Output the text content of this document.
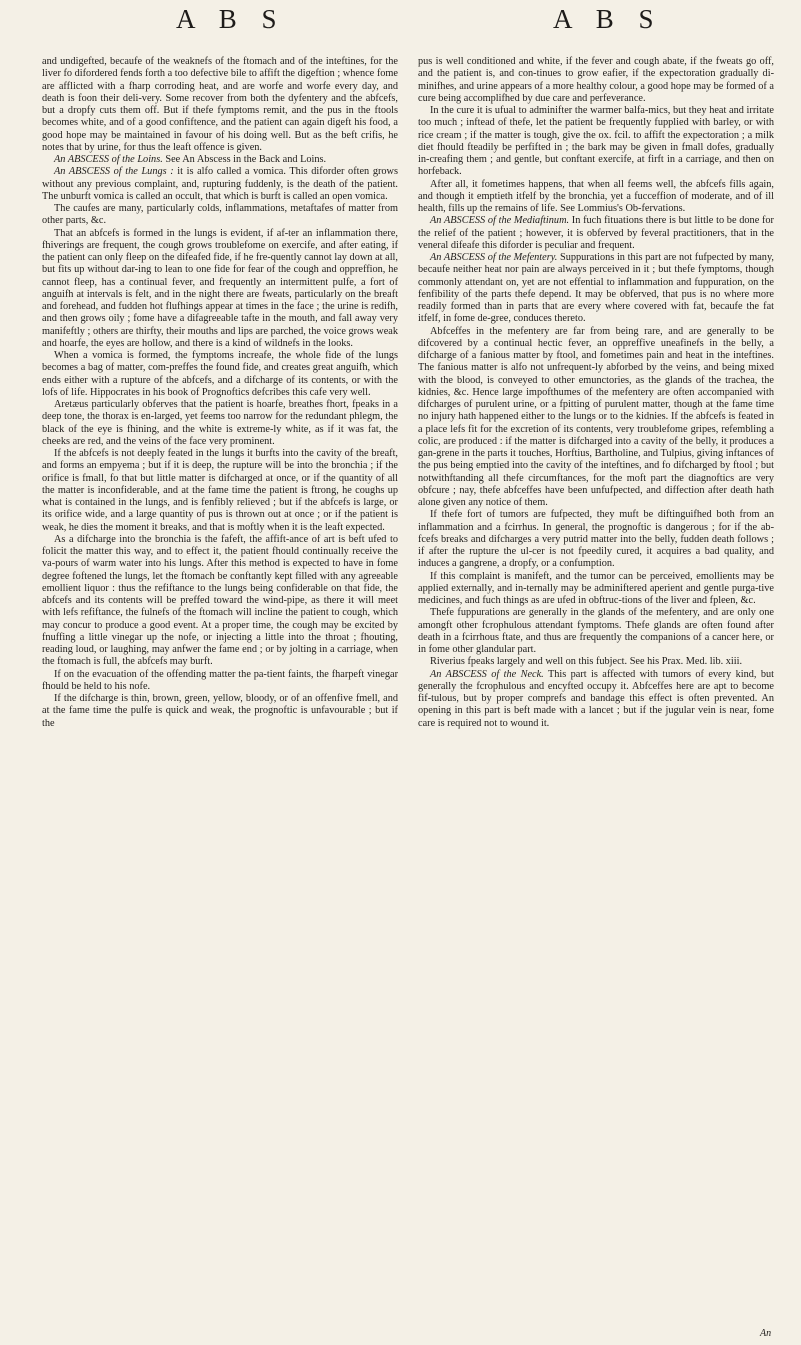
A B S	A B S

and undigefted, becaufe of the weaknefs of the ftomach and of the inteftines, for the liver fo difordered fends forth a too defective bile to affift the digeftion ; whence fome are afflicted with a fharp corroding heat, and are worfe and worfe every day, and death is foon their deli-very. Some recover from both the dyfentery and the abfcefs, but a dropfy cuts them off. But if thefe fymptoms remit, and the pus in the ftools becomes white, and of a good confiftence, and the patient can again digeft his food, a good hope may be maintained in favour of his doing well. But as the beft crifis, he notes that by urine, for thus the leaft offence is given.

An ABSCESS of the Loins. See An Abscess in the Back and Loins.

An ABSCESS of the Lungs : it is alfo called a vomica. This diforder often grows without any previous complaint, and, rupturing fuddenly, is the death of the patient. The unburft vomica is called an occult, that which is burft is called an open vomica.

The caufes are many, particularly colds, inflammations, metaftafes of matter from other parts, &c.

That an abfcefs is formed in the lungs is evident, if af-ter an inflammation there, fhiverings are frequent, the cough grows troublefome on exercife, and after eating, if the patient can only fleep on the difeafed fide, if he fre-quently cannot lay down at all, but fits up without dar-ing to lean to one fide for fear of the cough and oppreffion, he cannot fleep, has a continual fever, and frequently an intermittent pulfe, a fort of anguifh at intervals is felt, and in the night there are fweats, particularly on the breaft and forehead, and fudden hot flufhings appear at times in the face ; the urine is redifh, and then grows oily ; fome have a difagreeable tafte in the mouth, and fall away very manifeftly ; others are thirfty, their mouths and lips are parched, the voice grows weak and hoarfe, the eyes are hollow, and there is a kind of wildnefs in the looks.

When a vomica is formed, the fymptoms increafe, the whole fide of the lungs becomes a bag of matter, com-preffes the found fide, and creates great anguifh, which ends either with a rupture of the abfcefs, and a difcharge of its contents, or with the lofs of life. Hippocrates in his book of Prognoftics defcribes this cafe very well.

Aretæus particularly obferves that the patient is hoarfe, breathes fhort, fpeaks in a deep tone, the thorax is en-larged, yet feems too narrow for the redundant phlegm, the black of the eye is fhining, and the white is extreme-ly white, as if it was fat, the cheeks are red, and the veins of the face very prominent.

If the abfcefs is not deeply feated in the lungs it burfts into the cavity of the breaft, and forms an empyema ; but if it is deep, the rupture will be into the bronchia ; if the orifice is fmall, fo that but little matter is difcharged at once, or if the quantity of all the matter is inconfiderable, and at the fame time the patient is ftrong, he coughs up what is contained in the lungs, and is fenfibly relieved ; but if the abfcefs is large, or its orifice wide, and a large quantity of pus is thrown out at once ; or if the patient is weak, he dies the moment it breaks, and that is moftly when it is the leaft expected.

As a difcharge into the bronchia is the fafeft, the affift-ance of art is beft ufed to folicit the matter this way, and to effect it, the patient fhould continually receive the va-pours of warm water into his lungs. After this method is expected to have in fome degree foftened the lungs, let the ftomach be conftantly kept filled with any agreeable emollient liquor : thus the refiftance to the lungs being confiderable on that fide, the abfcefs and its contents will be preffed toward the wind-pipe, as there it will meet with lefs refiftance, the fulnefs of the ftomach will incline the patient to cough, which may concur to produce a good event. At a proper time, the cough may be excited by fnuffing a little vinegar up the nofe, or injecting a little into the throat ; fhouting, reading loud, or laughing, may anfwer the fame end ; or by jolting in a carriage, when the ftomach is full, the abfcefs may burft.

If on the evacuation of the offending matter the pa-tient faints, the fharpeft vinegar fhould be held to his nofe.

If the difcharge is thin, brown, green, yellow, bloody, or of an offenfive fmell, and at the fame time the pulfe is quick and weak, the prognoftic is unfavourable ; but if the

pus is well conditioned and white, if the fever and cough abate, if the fweats go off, and the patient is, and con-tinues to grow eafier, if the expectoration gradually di-minifhes, and urine appears of a more healthy colour, a good hope may be formed of a cure being accomplifhed by due care and perfeverance.

In the cure it is ufual to adminifter the warmer balfa-mics, but they heat and irritate too much ; inftead of thefe, let the patient be frequently fupplied with barley, or with rice cream ; if the matter is tough, give the ox. fcil. to affift the expectoration ; a milk diet fhould fteadily be perfifted in ; the bark may be given in fmall dofes, gradually in-creafing them ; and gentle, but conftant exercife, at firft in a carriage, and then on horfeback.

After all, it fometimes happens, that when all feems well, the abfcefs fills again, and though it emptieth itfelf by the bronchia, yet a fucceffion of moderate, and of ill health, fills up the remains of life. See Lommius's Ob-fervations.

An ABSCESS of the Mediaftinum. In fuch fituations there is but little to be done for the relief of the patient ; however, it is obferved by feveral practitioners, that in the veneral difeafe this diforder is peculiar and frequent.

An ABSCESS of the Mefentery. Suppurations in this part are not fufpected by many, becaufe neither heat nor pain are always perceived in it ; but thefe fymptoms, though commonly attendant on, yet are not effential to inflammation and fuppuration, on the fenfibility of the parts thefe depend. It may be obferved, that pus is no where more readily formed than in parts that are every where covered with fat, becaufe the fat itfelf, in fome de-gree, conduces thereto.

Abfceffes in the mefentery are far from being rare, and are generally to be difcovered by a continual hectic fever, an oppreffive uneafinefs in the belly, a difcharge of a fanious matter by ftool, and fometimes pain and heat in the inteftines. The fanious matter is alfo not unfrequent-ly abforbed by the veins, and being mixed with the blood, is conveyed to other emunctories, as the glands of the trachea, the kidnies, &c. Hence large impofthumes of the mefentery are often accompanied with difcharges of purulent urine, or a fpitting of purulent matter, though at the fame time no injury hath happened either to the lungs or to the kidnies. If the abfcefs is feated in a place lefs fit for the excretion of its contents, very troublefome gripes, refembling a colic, are produced : if the matter is difcharged into a cavity of the belly, it produces a gan-grene in the parts it touches, Horftius, Bartholine, and Tulpius, giving inftances of the pus being emptied into the cavity of the inteftines, and fo difcharged by ftool ; but notwithftanding all thefe circumftances, for the moft part the diagnoftics are very obfcure ; nay, thefe abfceffes have been unfufpected, and diffection after death hath alone given any notice of them.

If thefe fort of tumors are fufpected, they muft be diftinguifhed both from an inflammation and a fcirrhus. In general, the prognoftic is dangerous ; for if the ab-fcefs breaks and difcharges a very putrid matter into the belly, fudden death follows ; if after the rupture the ul-cer is not fpeedily cured, it acquires a bad quality, and induces a gangrene, a dropfy, or a confumption.

If this complaint is manifeft, and the tumor can be perceived, emollients may be applied externally, and in-ternally may be adminiftered aperient and gentle purga-tive medicines, and fuch things as are ufed in obftruc-tions of the liver and fpleen, &c.

Thefe fuppurations are generally in the glands of the mefentery, and are only one amongft other fcrophulous attendant fymptoms. Thefe glands are often found after death in a fcirrhous ftate, and thus are frequently the companions of a cancer here, or in fome other glandular part.

Riverius fpeaks largely and well on this fubject. See his Prax. Med. lib. xiii.

An ABSCESS of the Neck. This part is affected with tumors of every kind, but generally the fcrophulous and encyfted occupy it. Abfceffes here are apt to become fif-tulous, but by proper comprefs and bandage this effect is often prevented. An opening in this part is beft made with a lancet ; but if the jugular vein is near, fome care is required not to wound it.

An
